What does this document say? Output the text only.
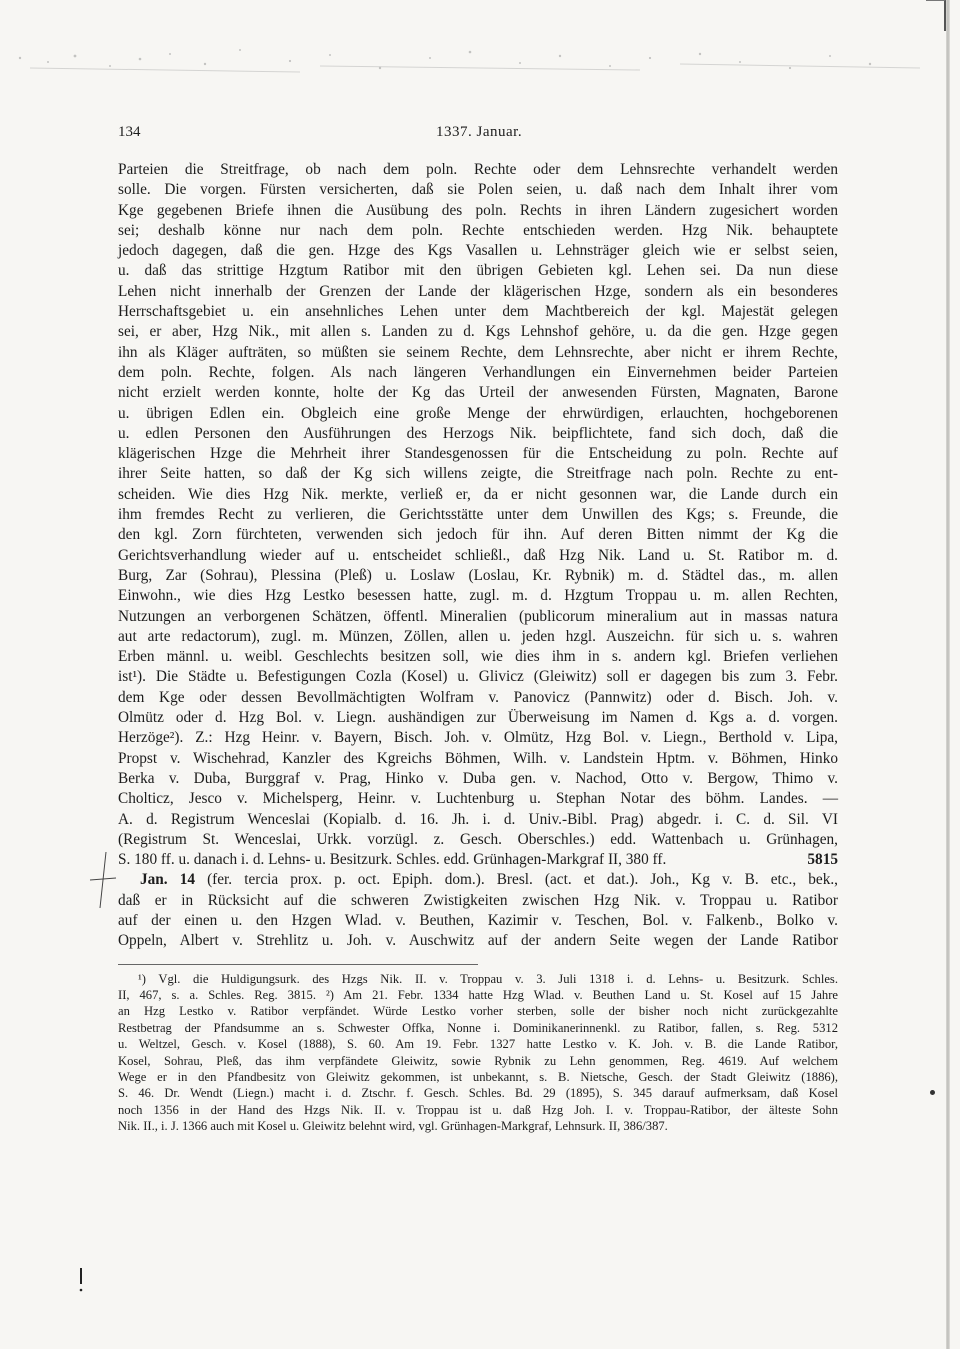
134	1337. Januar.
Parteien die Streitfrage, ob nach dem poln. Rechte oder dem Lehnsrechte verhandelt werden
solle. Die vorgen. Fürsten versicherten, daß sie Polen seien, u. daß nach dem Inhalt ihrer vom
Kge gegebenen Briefe ihnen die Ausübung des poln. Rechts in ihren Ländern zugesichert worden
sei; deshalb könne nur nach dem poln. Rechte entschieden werden. Hzg Nik. behauptete
jedoch dagegen, daß die gen. Hzge des Kgs Vasallen u. Lehnsträger gleich wie er selbst seien,
u. daß das strittige Hzgtum Ratibor mit den übrigen Gebieten kgl. Lehen sei. Da nun diese
Lehen nicht innerhalb der Grenzen der Lande der klägerischen Hzge, sondern als ein besonderes
Herrschaftsgebiet u. ein ansehnliches Lehen unter dem Machtbereich der kgl. Majestät gelegen
sei, er aber, Hzg Nik., mit allen s. Landen zu d. Kgs Lehnshof gehöre, u. da die gen. Hzge gegen
ihn als Kläger aufträten, so müßten sie seinem Rechte, dem Lehnsrechte, aber nicht er ihrem Rechte,
dem poln. Rechte, folgen. Als nach längeren Verhandlungen ein Einvernehmen beider Parteien
nicht erzielt werden konnte, holte der Kg das Urteil der anwesenden Fürsten, Magnaten, Barone
u. übrigen Edlen ein. Obgleich eine große Menge der ehrwürdigen, erlauchten, hochgeborenen
u. edlen Personen den Ausführungen des Herzogs Nik. beipflichtete, fand sich doch, daß die
klägerischen Hzge die Mehrheit ihrer Standesgenossen für die Entscheidung zu poln. Rechte auf
ihrer Seite hatten, so daß der Kg sich willens zeigte, die Streitfrage nach poln. Rechte zu ent-
scheiden. Wie dies Hzg Nik. merkte, verließ er, da er nicht gesonnen war, die Lande durch ein
ihm fremdes Recht zu verlieren, die Gerichtsstätte unter dem Unwillen des Kgs; s. Freunde, die
den kgl. Zorn fürchteten, verwenden sich jedoch für ihn. Auf deren Bitten nimmt der Kg die
Gerichtsverhandlung wieder auf u. entscheidet schließl., daß Hzg Nik. Land u. St. Ratibor m. d.
Burg, Zar (Sohrau), Plessina (Pleß) u. Loslaw (Loslau, Kr. Rybnik) m. d. Städtel das., m. allen
Einwohn., wie dies Hzg Lestko besessen hatte, zugl. m. d. Hzgtum Troppau u. m. allen Rechten,
Nutzungen an verborgenen Schätzen, öffentl. Mineralien (publicorum mineralium aut in massas natura
aut arte redactorum), zugl. m. Münzen, Zöllen, allen u. jeden hzgl. Auszeichn. für sich u. s. wahren
Erben männl. u. weibl. Geschlechts besitzen soll, wie dies ihm in s. andern kgl. Briefen verliehen
ist¹). Die Städte u. Befestigungen Cozla (Kosel) u. Glivicz (Gleiwitz) soll er dagegen bis zum 3. Febr.
dem Kge oder dessen Bevollmächtigten Wolfram v. Panovicz (Pannwitz) oder d. Bisch. Joh. v.
Olmütz oder d. Hzg Bol. v. Liegn. aushändigen zur Überweisung im Namen d. Kgs a. d. vorgen.
Herzöge²). Z.: Hzg Heinr. v. Bayern, Bisch. Joh. v. Olmütz, Hzg Bol. v. Liegn., Berthold v. Lipa,
Propst v. Wischehrad, Kanzler des Kgreichs Böhmen, Wilh. v. Landstein Hptm. v. Böhmen, Hinko
Berka v. Duba, Burggraf v. Prag, Hinko v. Duba gen. v. Nachod, Otto v. Bergow, Thimo v.
Cholticz, Jesco v. Michelsperg, Heinr. v. Luchtenburg u. Stephan Notar des böhm. Landes. —
A. d. Registrum Wenceslai (Kopialb. d. 16. Jh. i. d. Univ.-Bibl. Prag) abgedr. i. C. d. Sil. VI
(Registrum St. Wenceslai, Urkk. vorzügl. z. Gesch. Oberschles.) edd. Wattenbach u. Grünhagen,
S. 180 ff. u. danach i. d. Lehns- u. Besitzurk. Schles. edd. Grünhagen-Markgraf II, 380 ff.	5815
Jan. 14 (fer. tercia prox. p. oct. Epiph. dom.). Bresl. (act. et dat.). Joh., Kg v. B. etc., bek.,
daß er in Rücksicht auf die schweren Zwistigkeiten zwischen Hzg Nik. v. Troppau u. Ratibor
auf der einen u. den Hzgen Wlad. v. Beuthen, Kazimir v. Teschen, Bol. v. Falkenb., Bolko v.
Oppeln, Albert v. Strehlitz u. Joh. v. Auschwitz auf der andern Seite wegen der Lande Ratibor
¹) Vgl. die Huldigungsurk. des Hzgs Nik. II. v. Troppau v. 3. Juli 1318 i. d. Lehns- u. Besitzurk. Schles.
II, 467, s. a. Schles. Reg. 3815. ²) Am 21. Febr. 1334 hatte Hzg Wlad. v. Beuthen Land u. St. Kosel auf 15 Jahre
an Hzg Lestko v. Ratibor verpfändet. Würde Lestko vorher sterben, solle der bisher noch nicht zurückgezahlte
Restbetrag der Pfandsumme an s. Schwester Offka, Nonne i. Dominikanerinnenkl. zu Ratibor, fallen, s. Reg. 5312
u. Weltzel, Gesch. v. Kosel (1888), S. 60. Am 19. Febr. 1327 hatte Lestko v. K. Joh. v. B. die Lande Ratibor,
Kosel, Sohrau, Pleß, das ihm verpfändete Gleiwitz, sowie Rybnik zu Lehn genommen, Reg. 4619. Auf welchem
Wege er in den Pfandbesitz von Gleiwitz gekommen, ist unbekannt, s. B. Nietsche, Gesch. der Stadt Gleiwitz (1886),
S. 46. Dr. Wendt (Liegn.) macht i. d. Ztschr. f. Gesch. Schles. Bd. 29 (1895), S. 345 darauf aufmerksam, daß Kosel
noch 1356 in der Hand des Hzgs Nik. II. v. Troppau ist u. daß Hzg Joh. I. v. Troppau-Ratibor, der älteste Sohn
Nik. II., i. J. 1366 auch mit Kosel u. Gleiwitz belehnt wird, vgl. Grünhagen-Markgraf, Lehnsurk. II, 386/387.
